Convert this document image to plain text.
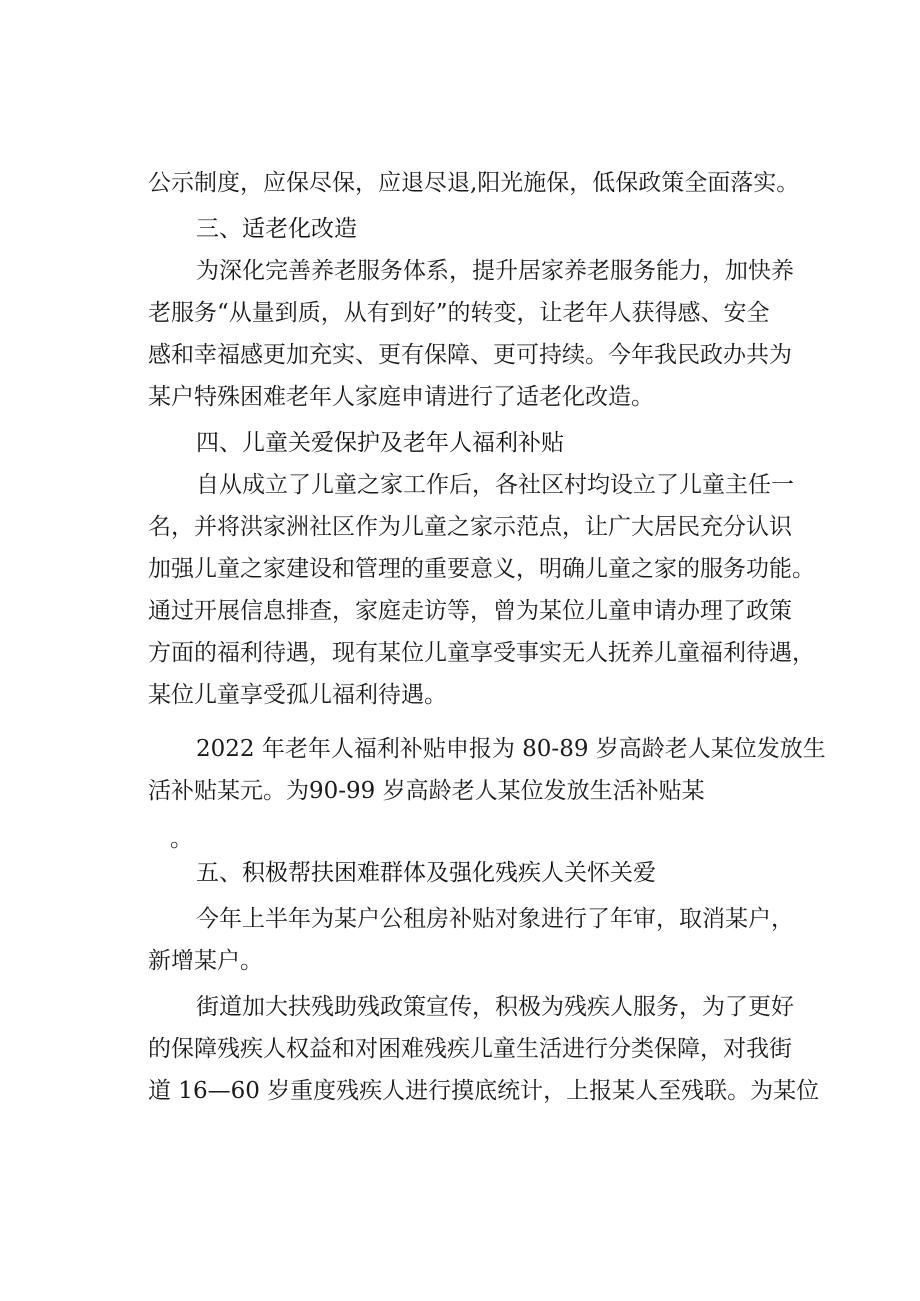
公示制度，应保尽保，应退尽退,阳光施保，低保政策全面落实。
三、适老化改造
为深化完善养老服务体系，提升居家养老服务能力，加快养
老服务“从量到质，从有到好”的转变，让老年人获得感、安全
感和幸福感更加充实、更有保障、更可持续。今年我民政办共为
某户特殊困难老年人家庭申请进行了适老化改造。
四、儿童关爱保护及老年人福利补贴
自从成立了儿童之家工作后，各社区村均设立了儿童主任一
名，并将洪家洲社区作为儿童之家示范点，让广大居民充分认识
加强儿童之家建设和管理的重要意义，明确儿童之家的服务功能。
通过开展信息排查，家庭走访等，曾为某位儿童申请办理了政策
方面的福利待遇，现有某位儿童享受事实无人抚养儿童福利待遇，
某位儿童享受孤儿福利待遇。
2022 年老年人福利补贴申报为 80-89 岁高龄老人某位发放生
活补贴某元。为90-99 岁高龄老人某位发放生活补贴某
。
五、积极帮扶困难群体及强化残疾人关怀关爱
今年上半年为某户公租房补贴对象进行了年审，取消某户，
新增某户。
街道加大扶残助残政策宣传，积极为残疾人服务，为了更好
的保障残疾人权益和对困难残疾儿童生活进行分类保障，对我街
道 16—60 岁重度残疾人进行摸底统计，上报某人至残联。为某位
